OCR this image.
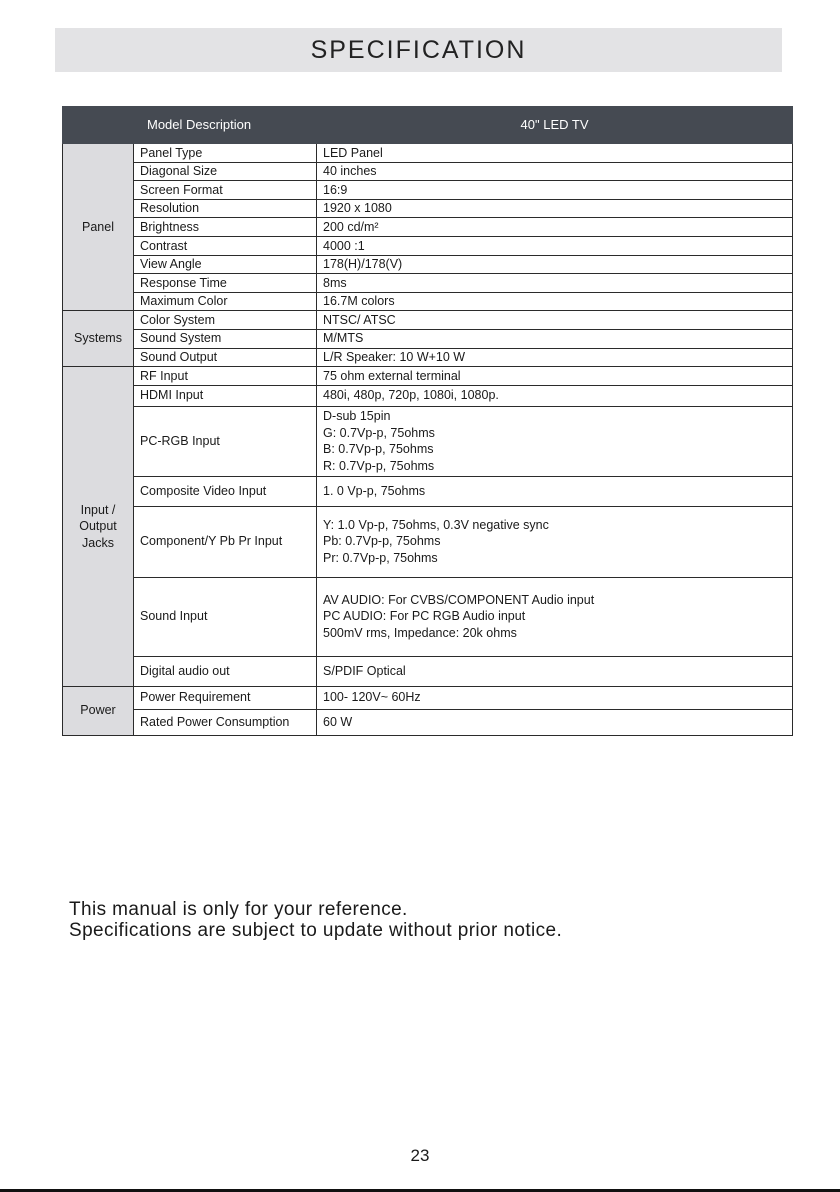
SPECIFICATION
Model Description		40" LED TV
Panel	Panel Type	LED Panel
	Diagonal Size	40 inches
	Screen Format	16:9
	Resolution	1920 x 1080
	Brightness	200 cd/m²
	Contrast	4000 :1
	View Angle	178(H)/178(V)
	Response Time	8ms
	Maximum Color	16.7M colors
Systems	Color System	NTSC/ ATSC
	Sound System	M/MTS
	Sound Output	L/R Speaker: 10 W+10 W

Input /
Output
Jacks	RF Input	75 ohm external terminal
	HDMI Input	480i, 480p, 720p, 1080i, 1080p.
	PC-RGB Input	D-sub 15pin
G: 0.7Vp-p, 75ohms
B: 0.7Vp-p, 75ohms
R: 0.7Vp-p, 75ohms

	Composite Video Input	1. 0 Vp-p, 75ohms
	Component/Y Pb Pr Input	Y: 1.0 Vp-p, 75ohms, 0.3V negative sync
Pb: 0.7Vp-p, 75ohms
Pr: 0.7Vp-p, 75ohms

	Sound Input	AV AUDIO: For CVBS/COMPONENT Audio input
PC AUDIO: For PC RGB Audio input
500mV rms, Impedance: 20k ohms

	Digital audio out	S/PDIF Optical
Power	Power Requirement	100- 120V~ 60Hz
	Rated Power Consumption	60 W
This manual is only for your reference.
Specifications are subject to update without prior notice.
23
